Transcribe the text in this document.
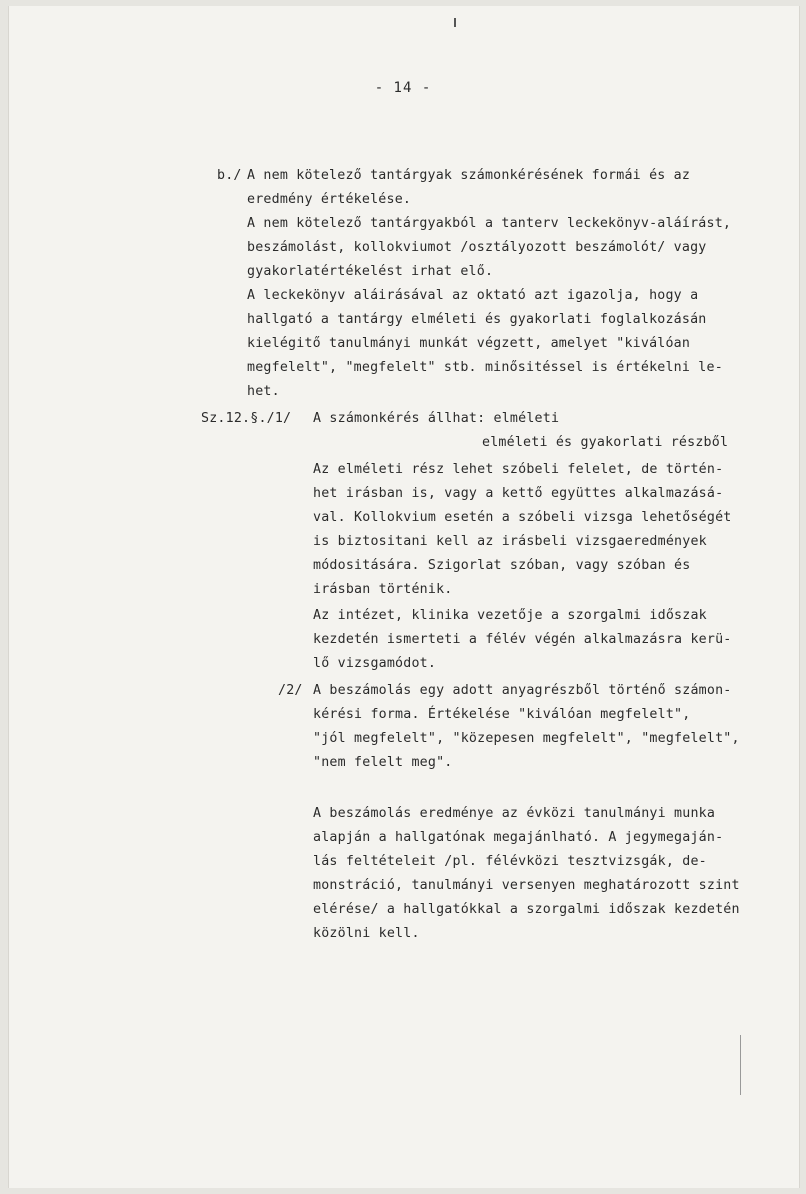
- 14 -
b./ A nem kötelező tantárgyak számonkérésének formái és az
eredmény értékelése.
A nem kötelező tantárgyakból a tanterv leckekönyv-aláírást,
beszámolást, kollokviumot /osztályozott beszámolót/ vagy
gyakorlatértékelést irhat elő.
A leckekönyv aláirásával az oktató azt igazolja, hogy a
hallgató a tantárgy elméleti és gyakorlati foglalkozásán
kielégitő tanulmányi munkát végzett, amelyet "kiválóan
megfelelt", "megfelelt" stb. minősitéssel is értékelni le-
het.
Sz.12.§./1/ A számonkérés állhat: elméleti
elméleti és gyakorlati részből
Az elméleti rész lehet szóbeli felelet, de történ-
het irásban is, vagy a kettő együttes alkalmazásá-
val. Kollokvium esetén a szóbeli vizsga lehetőségét
is biztositani kell az irásbeli vizsgaeredmények
módositására. Szigorlat szóban, vagy szóban és
irásban történik.
Az intézet, klinika vezetője a szorgalmi időszak
kezdetén ismerteti a félév végén alkalmazásra kerü-
lő vizsgamódot.
/2/ A beszámolás egy adott anyagrészből történő számon-
kérési forma. Értékelése "kiválóan megfelelt",
"jól megfelelt", "közepesen megfelelt", "megfelelt",
"nem felelt meg".
A beszámolás eredménye az évközi tanulmányi munka
alapján a hallgatónak megajánlható. A jegymegaján-
lás feltételeit /pl. félévközi tesztvizsgák, de-
monstráció, tanulmányi versenyen meghatározott szint
elérése/ a hallgatókkal a szorgalmi időszak kezdetén
közölni kell.
